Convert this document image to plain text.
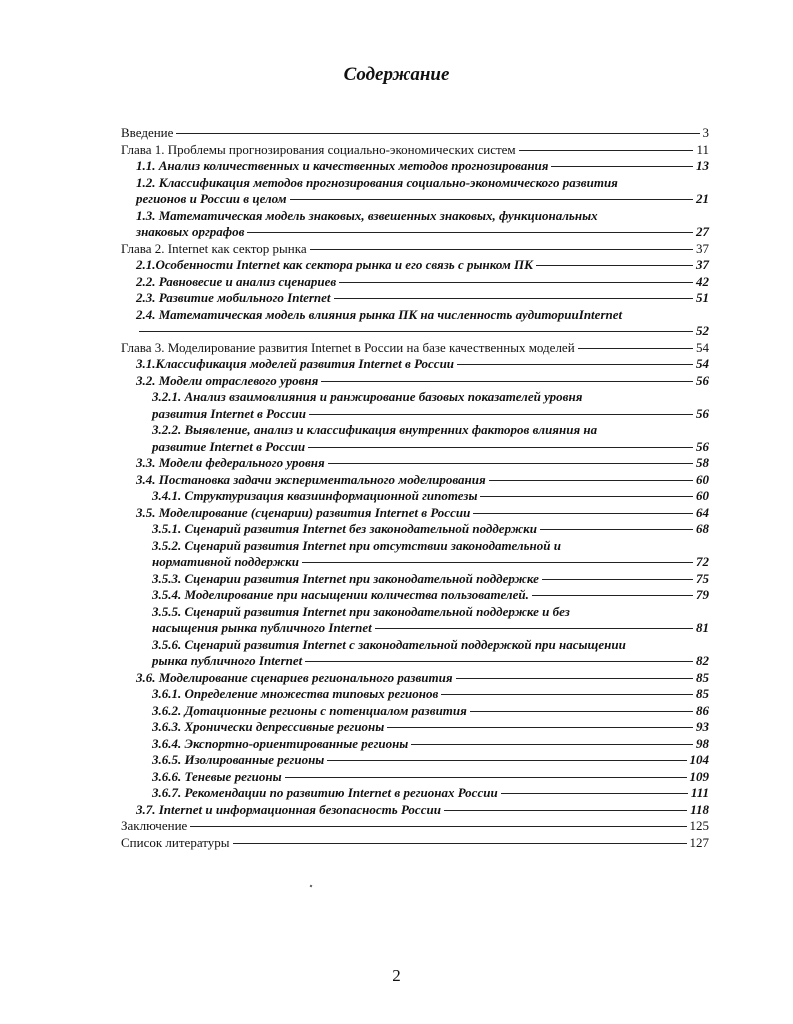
Содержание
Введение	3
Глава 1. Проблемы прогнозирования социально-экономических систем	11
1.1. Анализ количественных и качественных методов прогнозирования	13
1.2. Классификация методов прогнозирования социально-экономического развития
регионов и России в целом	21
1.3. Математическая модель знаковых, взвешенных знаковых, функциональных
знаковых орграфов	27
Глава 2. Internet как сектор рынка	37
2.1.Особенности Internet как сектора рынка и его связь с рынком ПК	37
2.2. Равновесие и анализ сценариев	42
2.3. Развитие мобильного Internet	51
2.4. Математическая модель влияния рынка ПК на численность аудиторииInternet
52
Глава 3. Моделирование развития Internet в России на базе качественных моделей	54
3.1.Классификация моделей развития Internet в России	54
3.2. Модели отраслевого уровня	56
3.2.1. Анализ взаимовлияния и ранжирование базовых показателей уровня
развития Internet в России	56
3.2.2. Выявление, анализ и классификация внутренних факторов влияния на
развитие Internet в России	56
3.3. Модели федерального уровня	58
3.4. Постановка задачи экспериментального моделирования	60
3.4.1. Структуризация квазиинформационной гипотезы	60
3.5. Моделирование (сценарии) развития Internet в России	64
3.5.1. Сценарий развития Internet без законодательной поддержки	68
3.5.2. Сценарий развития Internet при отсутствии законодательной и
нормативной поддержки	72
3.5.3. Сценарии развития Internet при законодательной поддержке	75
3.5.4. Моделирование при насыщении количества пользователей.	79
3.5.5. Сценарий развития Internet при законодательной поддержке и без
насыщения рынка публичного Internet	81
3.5.6. Сценарий развития Internet с законодательной поддержкой при насыщении
рынка публичного Internet	82
3.6. Моделирование сценариев регионального развития	85
3.6.1. Определение множества типовых регионов	85
3.6.2. Дотационные регионы с потенциалом развития	86
3.6.3. Хронически депрессивные регионы	93
3.6.4. Экспортно-ориентированные регионы	98
3.6.5. Изолированные регионы	104
3.6.6. Теневые регионы	109
3.6.7. Рекомендации по развитию Internet в регионах России	111
3.7. Internet и информационная безопасность России	118
Заключение	125
Список литературы	127
2
